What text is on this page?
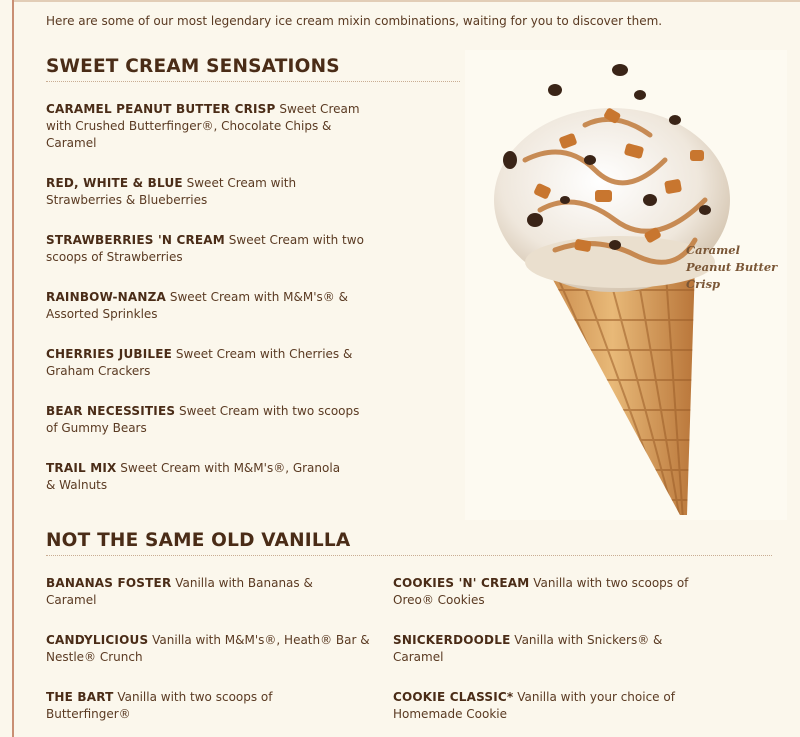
Here are some of our most legendary ice cream mixin combinations, waiting for you to discover them.
SWEET CREAM SENSATIONS
CARAMEL PEANUT BUTTER CRISP Sweet Cream with Crushed Butterfinger®, Chocolate Chips & Caramel
RED, WHITE & BLUE Sweet Cream with Strawberries & Blueberries
STRAWBERRIES 'N CREAM Sweet Cream with two scoops of Strawberries
RAINBOW-NANZA Sweet Cream with M&M's® & Assorted Sprinkles
CHERRIES JUBILEE Sweet Cream with Cherries & Graham Crackers
BEAR NECESSITIES Sweet Cream with two scoops of Gummy Bears
TRAIL MIX Sweet Cream with M&M's®, Granola & Walnuts
Caramel
Peanut Butter
Crisp
NOT THE SAME OLD VANILLA
BANANAS FOSTER Vanilla with Bananas & Caramel
COOKIES 'N' CREAM Vanilla with two scoops of Oreo® Cookies
CANDYLICIOUS Vanilla with M&M's®, Heath® Bar & Nestle® Crunch
SNICKERDOODLE Vanilla with Snickers® & Caramel
THE BART Vanilla with two scoops of Butterfinger®
COOKIE CLASSIC* Vanilla with your choice of Homemade Cookie
